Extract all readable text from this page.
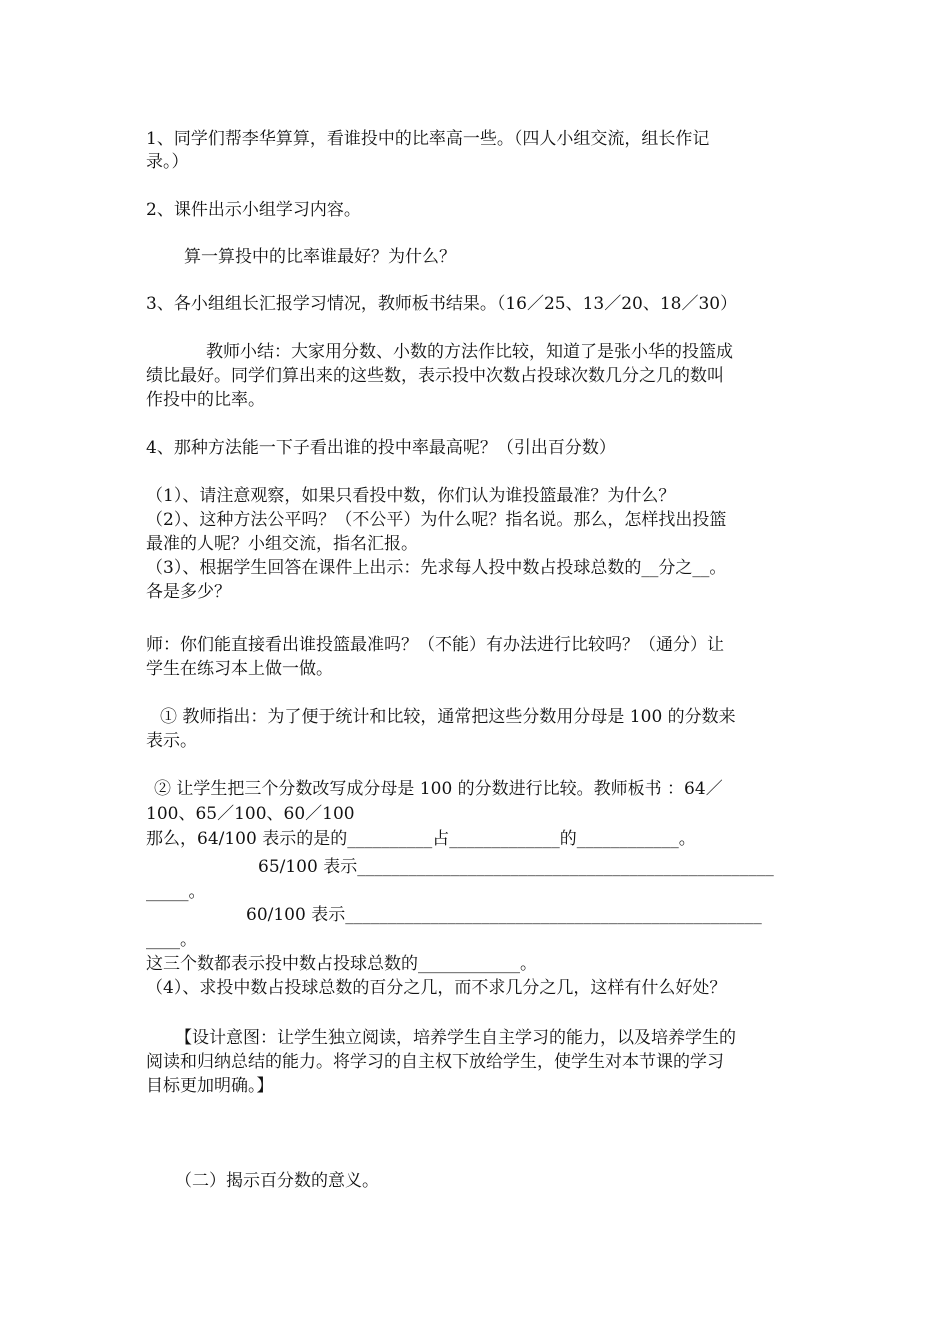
1、同学们帮李华算算，看谁投中的比率高一些。（四人小组交流，组长作记
录。）
2、课件出示小组学习内容。
算一算投中的比率谁最好？为什么？
3、各小组组长汇报学习情况，教师板书结果。（16／25、13／20、18／30）
教师小结：大家用分数、小数的方法作比较，知道了是张小华的投篮成
绩比最好。同学们算出来的这些数，表示投中次数占投球次数几分之几的数叫
作投中的比率。
4、那种方法能一下子看出谁的投中率最高呢？（引出百分数）
（1）、请注意观察，如果只看投中数，你们认为谁投篮最准？为什么？
（2）、这种方法公平吗？（不公平）为什么呢？指名说。那么，怎样找出投篮
最准的人呢？小组交流，指名汇报。
（3）、根据学生回答在课件上出示：先求每人投中数占投球总数的__分之__。
各是多少？
师：你们能直接看出谁投篮最准吗？（不能）有办法进行比较吗？（通分）让
学生在练习本上做一做。
① 教师指出：为了便于统计和比较，通常把这些分数用分母是 100 的分数来
表示。
② 让学生把三个分数改写成分母是 100 的分数进行比较。教师板书 ：64／
100、65／100、60／100
那么，64/100 表示的是的__________占_____________的____________。
65/100 表示_________________________________________________
_____。
60/100 表示_________________________________________________
____。
这三个数都表示投中数占投球总数的____________。
（4）、求投中数占投球总数的百分之几，而不求几分之几，这样有什么好处？
【设计意图：让学生独立阅读，培养学生自主学习的能力，以及培养学生的
阅读和归纳总结的能力。将学习的自主权下放给学生，使学生对本节课的学习
目标更加明确。】
（二）揭示百分数的意义。
